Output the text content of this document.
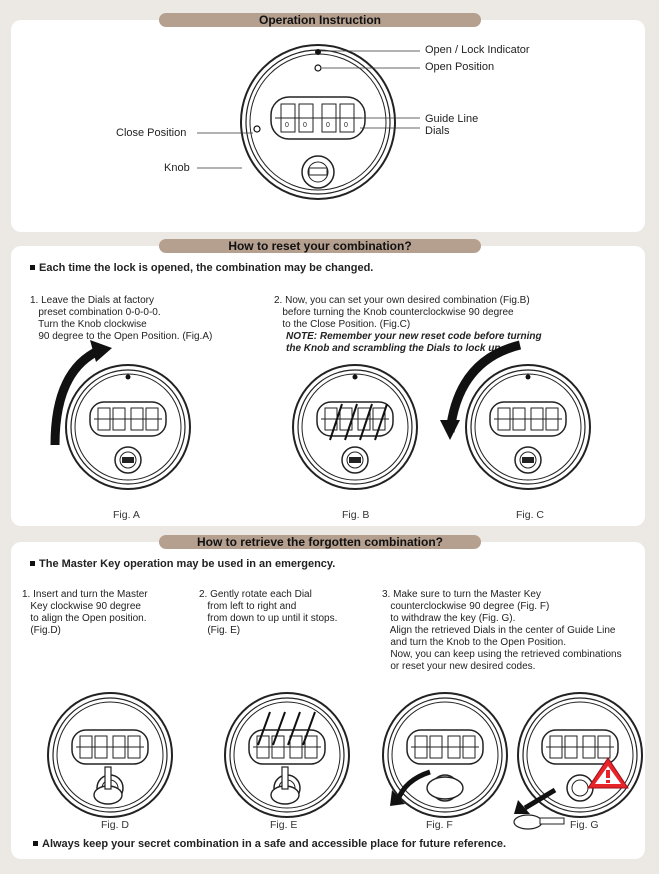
Operation Instruction
0 0	0 0
Open / Lock Indicator
Open Position
Guide Line
Dials
Close Position
Knob
How to reset your combination?
Each time the lock is opened, the combination may be changed.

1. Leave the Dials at factory
preset combination 0-0-0-0.
Turn the Knob clockwise
90 degree to the Open Position. (Fig.A)

2. Now, you can set your own desired combination (Fig.B)
before turning the Knob counterclockwise 90 degree
to the Close Position. (Fig.C)

NOTE: Remember your new reset code before turning
the Knob and scrambling the Dials to lock up.
Fig. A	Fig. B	Fig. C
How to retrieve the forgotten combination?
The Master Key operation may be used in an emergency.

1. Insert and turn the Master
Key clockwise 90 degree
to align the Open position.
(Fig.D)

2. Gently rotate each Dial
from left to right and
from down to up until it stops.
(Fig. E)

3. Make sure to turn the Master Key
counterclockwise 90 degree (Fig. F)
to withdraw the key (Fig. G).
Align the retrieved Dials in the center of Guide Line
and turn the Knob to the Open Position.
Now, you can keep using the retrieved combinations
or reset your new desired codes.
Fig. D	Fig. E	Fig. F	Fig. G
Always keep your secret combination in a safe and accessible place for future reference.
